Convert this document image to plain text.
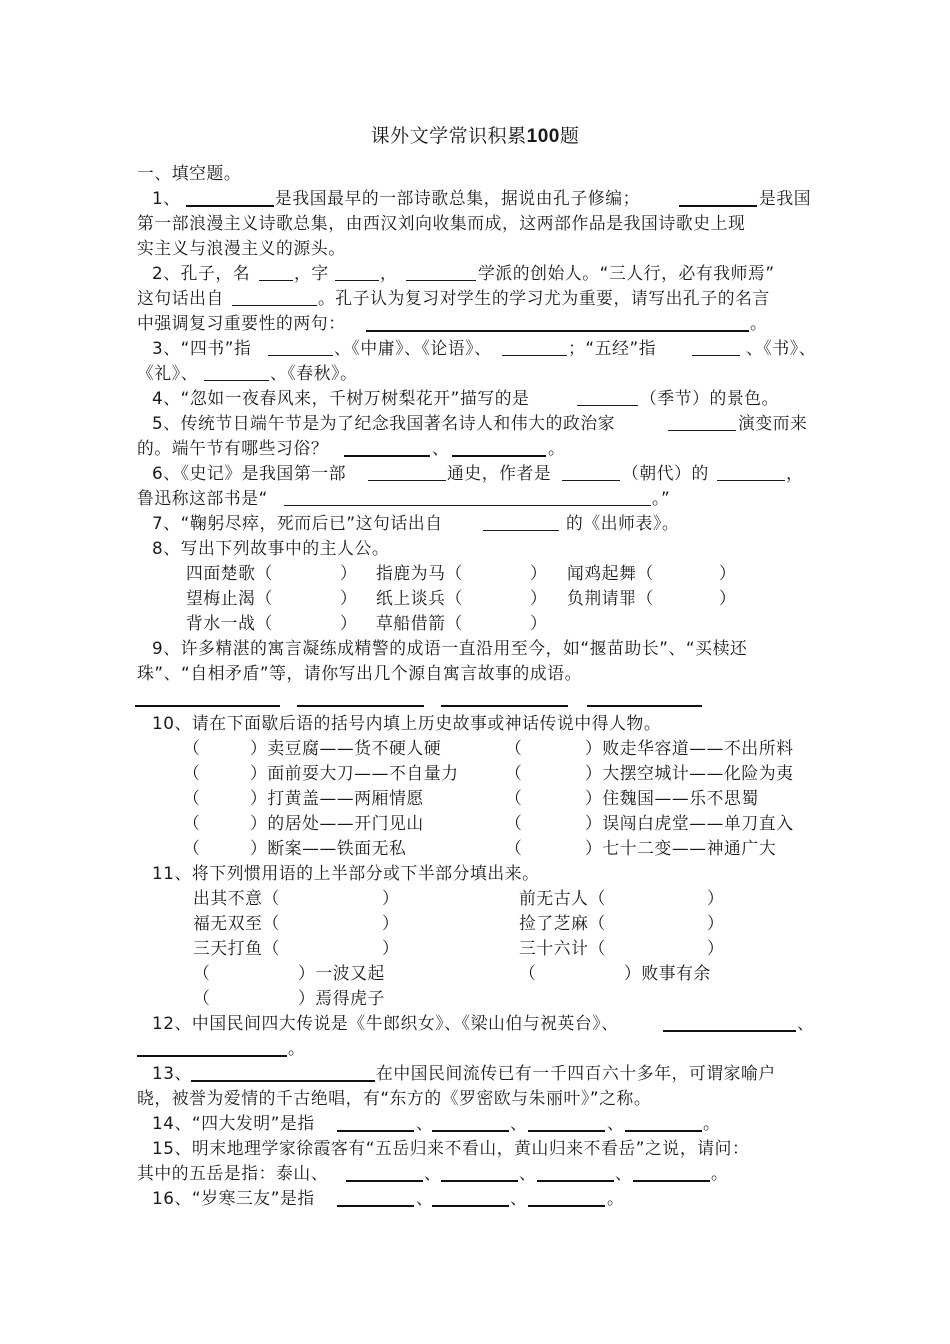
课外文学常识积累100题
一、填空题。
1、	是我国最早的一部诗歌总集，据说由孔子修编；	是我国
第一部浪漫主义诗歌总集，由西汉刘向收集而成，这两部作品是我国诗歌史上现
实主义与浪漫主义的源头。
2、孔子，名	，字	，	学派的创始人。“三人行，必有我师焉”
这句话出自	。孔子认为复习对学生的学习尤为重要，请写出孔子的名言
中强调复习重要性的两句：	。
3、“四书”指	、《中庸》、《论语》、	；“五经”指	、《书》、
《礼》、	、《春秋》。
4、“忽如一夜春风来，千树万树梨花开”描写的是	（季节）的景色。
5、传统节日端午节是为了纪念我国著名诗人和伟大的政治家	演变而来
的。端午节有哪些习俗？	、	。
6、《史记》是我国第一部	通史，作者是	（朝代）的	，
鲁迅称这部书是“	。”
7、“鞠躬尽瘁，死而后已”这句话出自	的《出师表》。
8、写出下列故事中的主人公。
四面楚歌（	） 指鹿为马（	） 闻鸡起舞（	）
望梅止渴（	） 纸上谈兵（	） 负荆请罪（	）
背水一战（	） 草船借箭（	）
9、许多精湛的寓言凝练成精警的成语一直沿用至今，如“揠苗助长”、“买椟还
珠”、“自相矛盾”等，请你写出几个源自寓言故事的成语。
10、请在下面歇后语的括号内填上历史故事或神话传说中得人物。
（	）卖豆腐——货不硬人硬	（	）败走华容道——不出所料
（	）面前耍大刀——不自量力	（	）大摆空城计——化险为夷
（	）打黄盖——两厢情愿	（	）住魏国——乐不思蜀
（	）的居处——开门见山	（	）误闯白虎堂——单刀直入
（	）断案——铁面无私	（	）七十二变——神通广大
11、将下列惯用语的上半部分或下半部分填出来。
出其不意（	）	前无古人（	）
福无双至（	）	捡了芝麻（	）
三天打鱼（	）	三十六计（	）
（	）一波又起	（	）败事有余
（	）焉得虎子
12、中国民间四大传说是《牛郎织女》、《梁山伯与祝英台》、	、
。
13、	在中国民间流传已有一千四百六十多年，可谓家喻户
晓，被誉为爱情的千古绝唱，有“东方的《罗密欧与朱丽叶》”之称。
14、“四大发明”是指	、	、	、	。
15、明末地理学家徐霞客有“五岳归来不看山，黄山归来不看岳”之说，请问：
其中的五岳是指：泰山、	、	、	、	。
16、“岁寒三友”是指	、	、	。
